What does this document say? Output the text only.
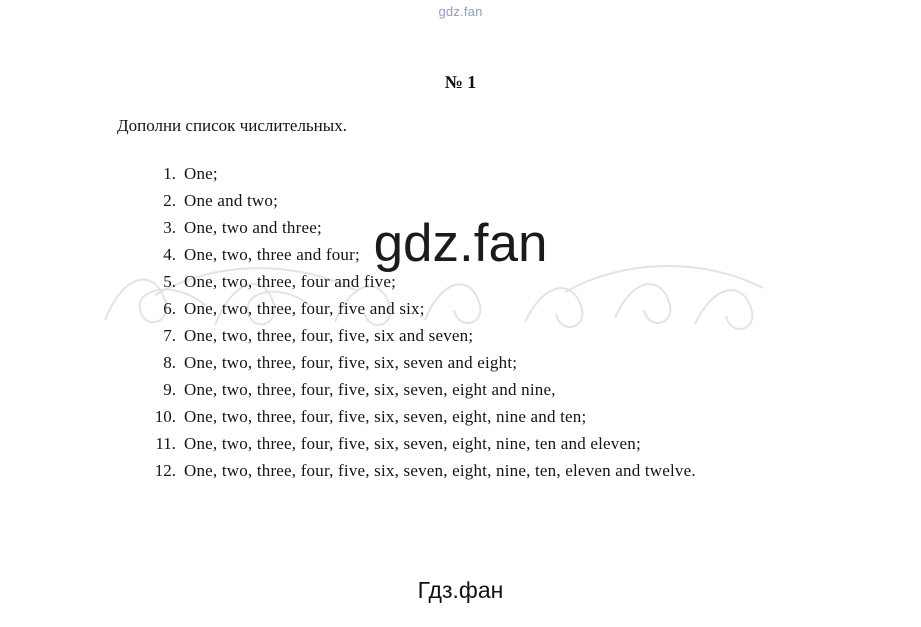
gdz.fan
№ 1
Дополни список числительных.
gdz.fan
1. One;
2. One and two;
3. One, two and three;
4. One, two, three and four;
5. One, two, three, four and five;
6. One, two, three, four, five and six;
7. One, two, three, four, five, six and seven;
8. One, two, three, four, five, six, seven and eight;
9. One, two, three, four, five, six, seven, eight and nine,
10. One, two, three, four, five, six, seven, eight, nine and ten;
11. One, two, three, four, five, six, seven, eight, nine, ten and eleven;
12. One, two, three, four, five, six, seven, eight, nine, ten, eleven and twelve.
Гдз.фан
